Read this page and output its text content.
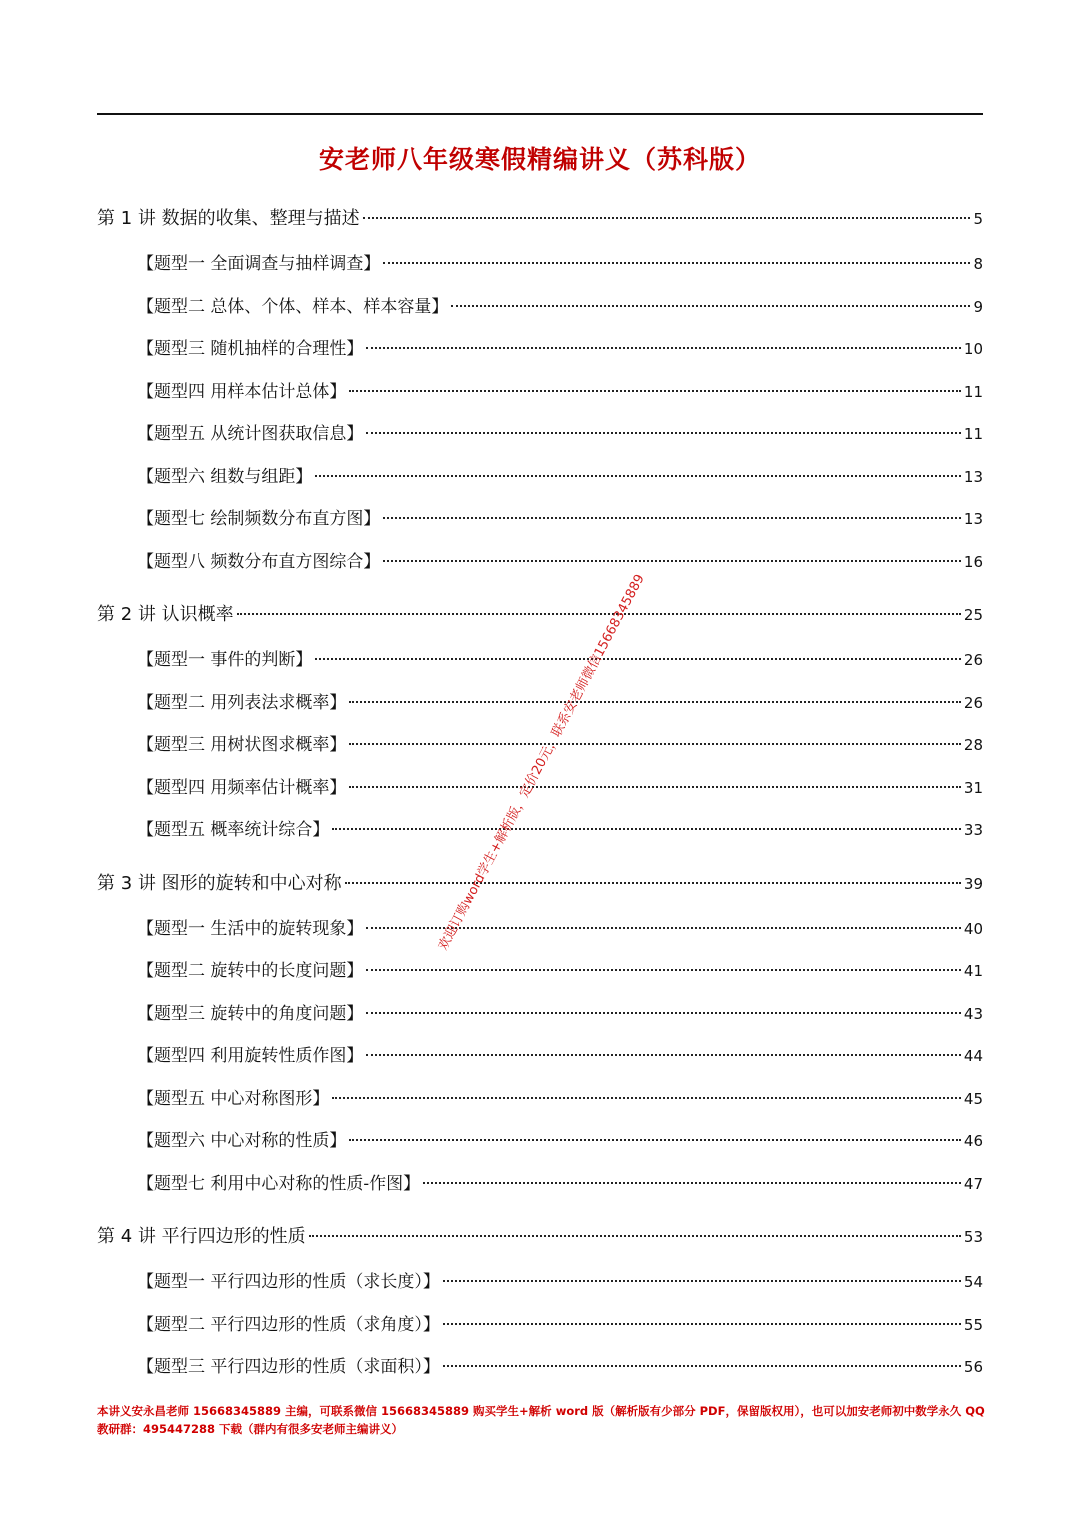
安老师八年级寒假精编讲义（苏科版）
第 1 讲 数据的收集、整理与描述	5
【题型一 全面调查与抽样调查】	8
【题型二 总体、个体、样本、样本容量】	9
【题型三 随机抽样的合理性】	10
【题型四 用样本估计总体】	11
【题型五 从统计图获取信息】	11
【题型六 组数与组距】	13
【题型七 绘制频数分布直方图】	13
【题型八 频数分布直方图综合】	16
第 2 讲 认识概率	25
【题型一 事件的判断】	26
【题型二 用列表法求概率】	26
【题型三 用树状图求概率】	28
【题型四 用频率估计概率】	31
【题型五 概率统计综合】	33
第 3 讲 图形的旋转和中心对称	39
【题型一 生活中的旋转现象】	40
【题型二 旋转中的长度问题】	41
【题型三 旋转中的角度问题】	43
【题型四 利用旋转性质作图】	44
【题型五 中心对称图形】	45
【题型六 中心对称的性质】	46
【题型七 利用中心对称的性质-作图】	47
第 4 讲 平行四边形的性质	53
【题型一 平行四边形的性质（求长度）】	54
【题型二 平行四边形的性质（求角度）】	55
【题型三 平行四边形的性质（求面积）】	56
欢迎订购word学生+解析版，定价20元，联系安老师微信15668345889
本讲义安永昌老师 15668345889 主编，可联系微信 15668345889 购买学生+解析 word 版（解析版有少部分 PDF，保留版权用），也可以加安老师初中数学永久 QQ 教研群：495447288 下载（群内有很多安老师主编讲义）
